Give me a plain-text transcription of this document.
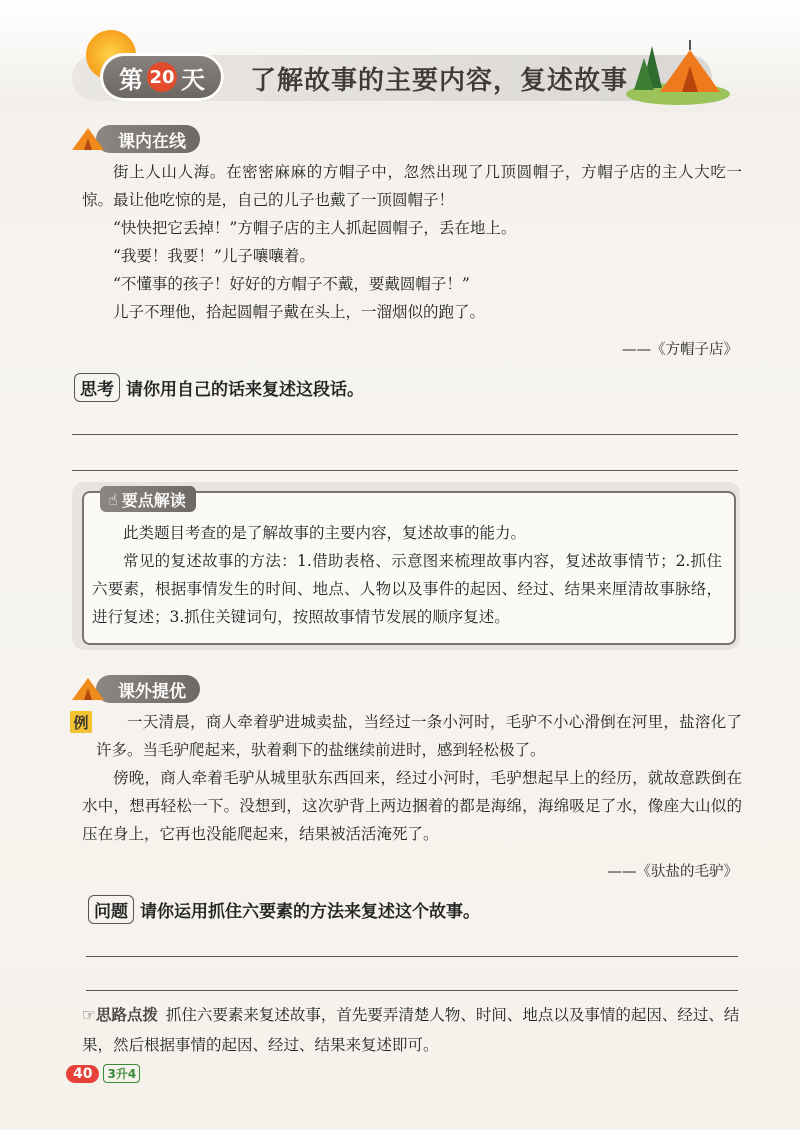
第 20 天 了解故事的主要内容，复述故事
课内在线
街上人山人海。在密密麻麻的方帽子中，忽然出现了几顶圆帽子，方帽子店的主人大吃一惊。最让他吃惊的是，自己的儿子也戴了一顶圆帽子！
“快快把它丢掉！”方帽子店的主人抓起圆帽子，丢在地上。
“我要！我要！”儿子嚷嚷着。
“不懂事的孩子！好好的方帽子不戴，要戴圆帽子！”
儿子不理他，拾起圆帽子戴在头上，一溜烟似的跑了。
——《方帽子店》
思考 请你用自己的话来复述这段话。
☝ 要点解读
此类题目考查的是了解故事的主要内容，复述故事的能力。
常见的复述故事的方法：1.借助表格、示意图来梳理故事内容，复述故事情节；2.抓住六要素，根据事情发生的时间、地点、人物以及事件的起因、经过、结果来厘清故事脉络，进行复述；3.抓住关键词句，按照故事情节发展的顺序复述。
课外提优
例	一天清晨，商人牵着驴进城卖盐，当经过一条小河时，毛驴不小心滑倒在河里，盐溶化了许多。当毛驴爬起来，驮着剩下的盐继续前进时，感到轻松极了。
傍晚，商人牵着毛驴从城里驮东西回来，经过小河时，毛驴想起早上的经历，就故意跌倒在水中，想再轻松一下。没想到，这次驴背上两边捆着的都是海绵，海绵吸足了水，像座大山似的压在身上，它再也没能爬起来，结果被活活淹死了。
——《驮盐的毛驴》
问题 请你运用抓住六要素的方法来复述这个故事。
☞思路点拨 抓住六要素来复述故事，首先要弄清楚人物、时间、地点以及事情的起因、经过、结果，然后根据事情的起因、经过、结果来复述即可。
40	3升4
